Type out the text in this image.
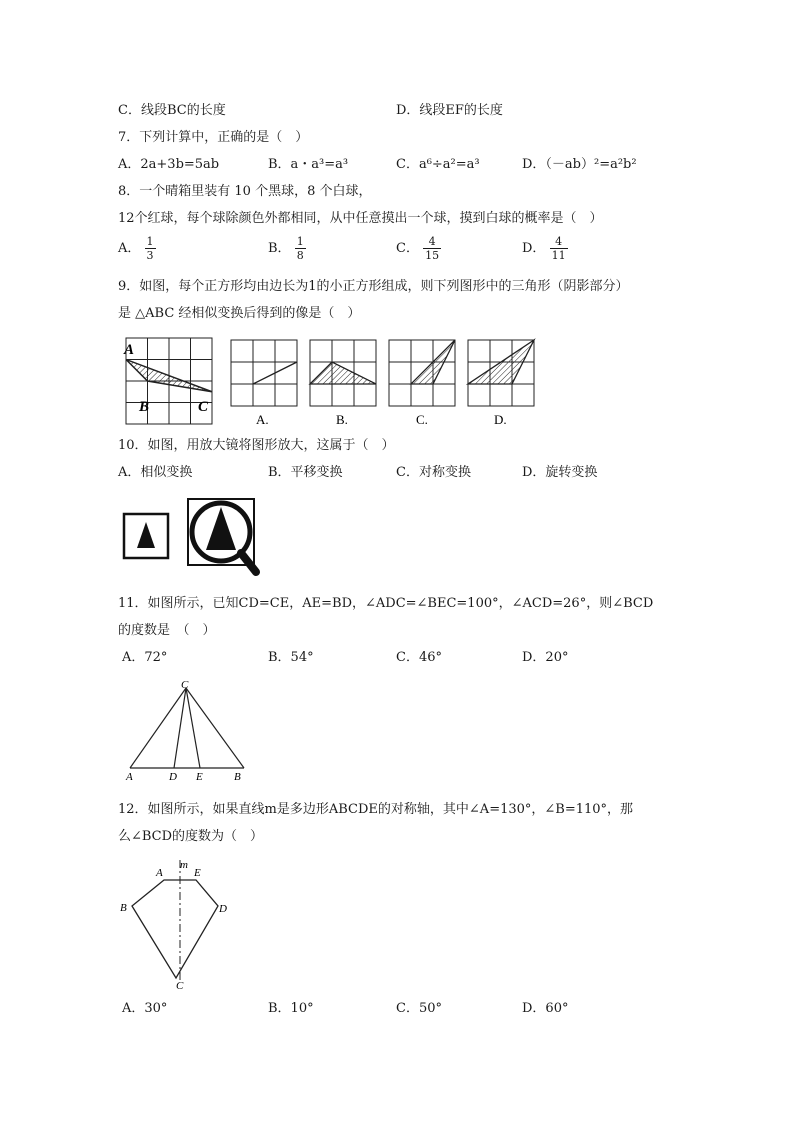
C．线段BC的长度	D．线段EF的长度
7．下列计算中，正确的是（　）
A．2a+3b=5ab	B．a・a³=a³	C．a⁶÷a²=a³	D．（－ab）²=a²b²
8．一个晴箱里装有 10 个黑球，8 个白球，
12个红球，每个球除颜色外都相同，从中任意摸出一个球，摸到白球的概率是（　）
A． $\frac{1}{3}$	B． $\frac{1}{8}$	C． $\frac{4}{15}$	D． $\frac{4}{11}$
9．如图，每个正方形均由边长为1的小正方形组成，则下列图形中的三角形（阴影部分）
是 △ABC 经相似变换后得到的像是（　）
A
B	C
A.	B.	C.	D.
10．如图，用放大镜将图形放大，这属于（　）
A．相似变换	B．平移变换	C．对称变换	D．旋转变换
11．如图所示，已知CD=CE，AE=BD，∠ADC=∠BEC=100°，∠ACD=26°，则∠BCD
的度数是　（　）
A．72°	B．54°	C．46°	D．20°
C
A	D E	B
12．如图所示，如果直线m是多边形ABCDE的对称轴，其中∠A=130°，∠B=110°，那
么∠BCD的度数为（　）
m
A	E
B	D
C
A．30°	B．10°	C．50°	D．60°
